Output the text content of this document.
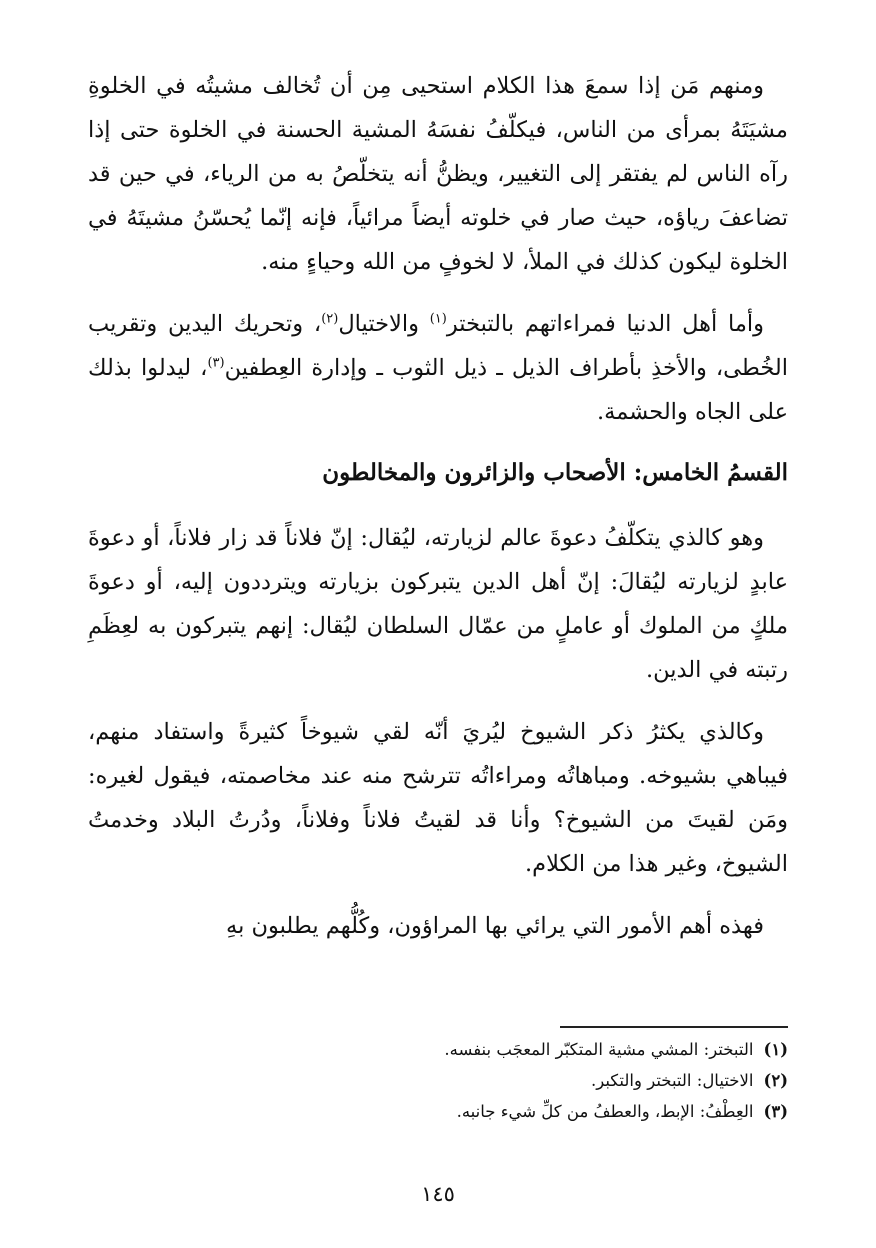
ومنهم مَن إذا سمعَ هذا الكلام استحيى مِن أن تُخالف مشيتُه في الخلوةِ مشيَتَهُ بمرأى من الناس، فيكلّفُ نفسَهُ المشية الحسنة في الخلوة حتى إذا رآه الناس لم يفتقر إلى التغيير، ويظنُّ أنه يتخلّصُ به من الرياء، في حين قد تضاعفَ رياؤه، حيث صار في خلوته أيضاً مرائياً، فإنه إنّما يُحسّنُ مشيتَهُ في الخلوة ليكون كذلك في الملأ، لا لخوفٍ من الله وحياءٍ منه.

وأما أهل الدنيا فمراءاتهم بالتبختر$^{(١)}$ والاختيال$^{(٢)}$، وتحريك اليدين وتقريب الخُطى، والأخذِ بأطراف الذيل ـ ذيل الثوب ـ وإدارة العِطفين$^{(٣)}$، ليدلوا بذلك على الجاه والحشمة.

القسمُ الخامس: الأصحاب والزائرون والمخالطون

وهو كالذي يتكلّفُ دعوةَ عالم لزيارته، ليُقال: إنّ فلاناً قد زار فلاناً، أو دعوةَ عابدٍ لزيارته ليُقالَ: إنّ أهل الدين يتبركون بزيارته ويترددون إليه، أو دعوةَ ملكٍ من الملوك أو عاملٍ من عمّال السلطان ليُقال: إنهم يتبركون به لعِظَمِ رتبته في الدين.

وكالذي يكثرُ ذكر الشيوخ ليُريَ أنّه لقي شيوخاً كثيرةً واستفاد منهم، فيباهي بشيوخه. ومباهاتُه ومراءاتُه تترشح منه عند مخاصمته، فيقول لغيره: ومَن لقيتَ من الشيوخ؟ وأنا قد لقيتُ فلاناً وفلاناً، ودُرتُ البلاد وخدمتُ الشيوخ، وغير هذا من الكلام.

فهذه أهم الأمور التي يرائي بها المراؤون، وكُلُّهم يطلبون بهِ

(١)
التبختر: المشي مشية المتكبّر المعجَب بنفسه.
(٢)
الاختيال: التبختر والتكبر.
(٣)
العِطْفُ: الإبط، والعطفُ من كلِّ شيء جانبه.
١٤٥
